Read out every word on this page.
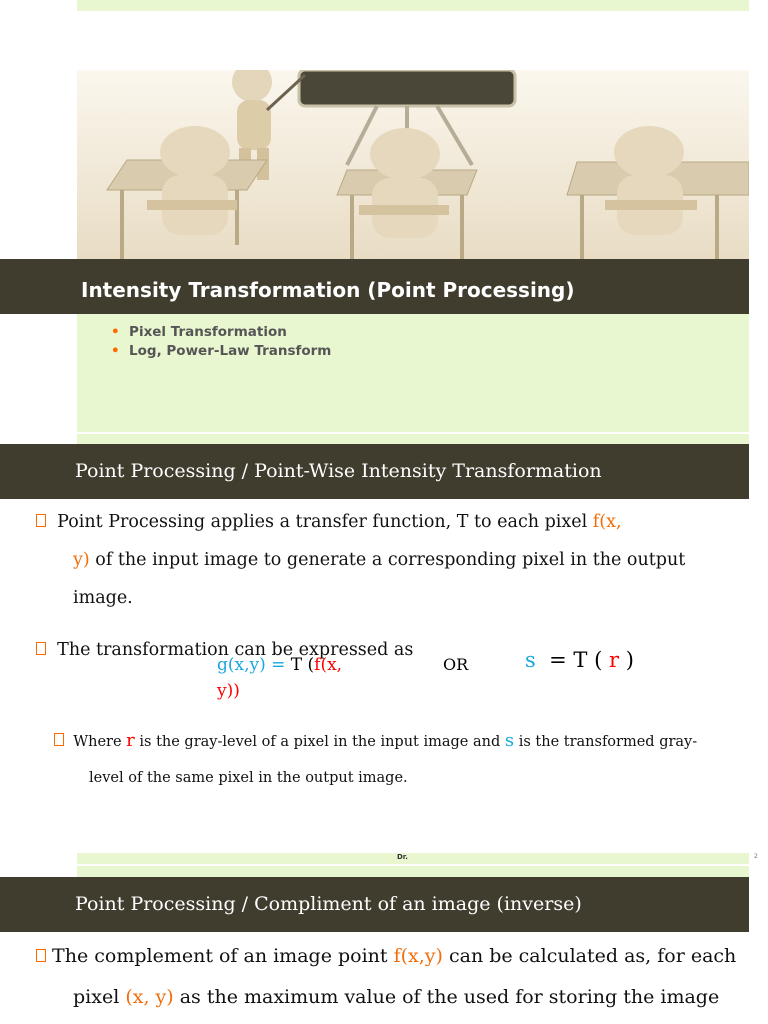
Intensity Transformation (Point Processing)
• Pixel Transformation
• Log, Power-Law Transform
Point Processing / Point-Wise Intensity Transformation
Point Processing applies a transfer function, T to each pixel f(x,
y) of the input image to generate a corresponding pixel in the output
image.
The transformation can be expressed as
g(x,y) = T (f(x,
y))
OR	s = T ( r )
Where r is the gray-level of a pixel in the input image and s is the transformed gray-
level of the same pixel in the output image.
Dr.	2
Point Processing / Compliment of an image (inverse)
The complement of an image point f(x,y) can be calculated as, for each
pixel (x, y) as the maximum value of the used for storing the image
